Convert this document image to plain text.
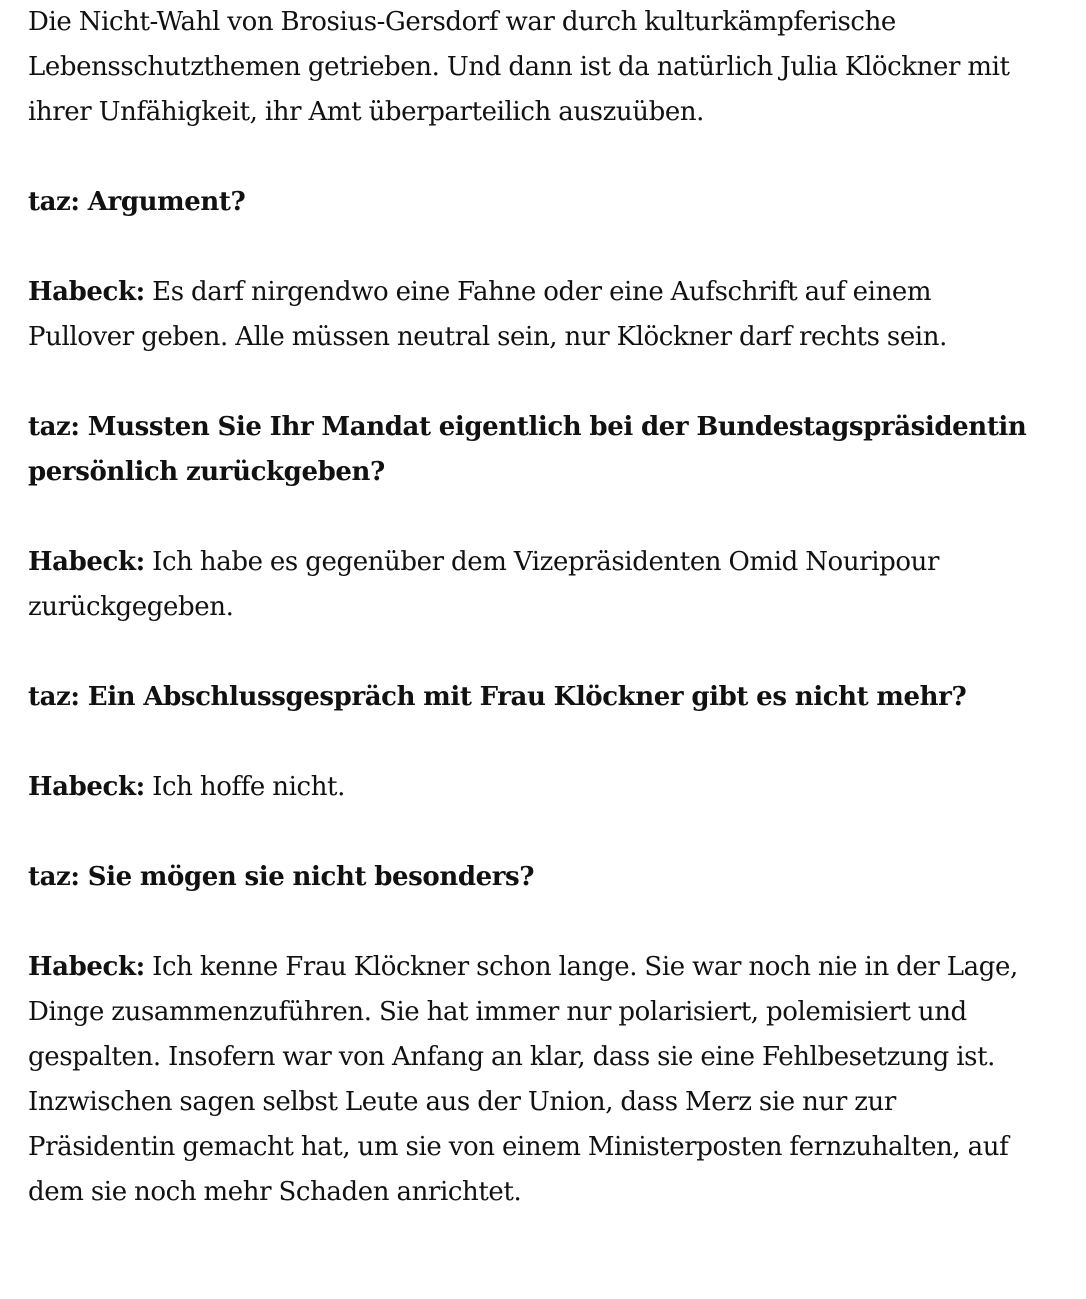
Die Nicht-Wahl von Brosius-Gersdorf war durch kulturkämpferische Lebensschutzthemen getrieben. Und dann ist da natürlich Julia Klöckner mit ihrer Unfähigkeit, ihr Amt überparteilich auszuüben.

taz: Argument?

Habeck: Es darf nirgendwo eine Fahne oder eine Aufschrift auf einem Pullover geben. Alle müssen neutral sein, nur Klöckner darf rechts sein.

taz: Mussten Sie Ihr Mandat eigentlich bei der Bundestagspräsidentin persönlich zurückgeben?

Habeck: Ich habe es gegenüber dem Vizepräsidenten Omid Nouripour zurückgegeben.

taz: Ein Abschlussgespräch mit Frau Klöckner gibt es nicht mehr?

Habeck: Ich hoffe nicht.

taz: Sie mögen sie nicht besonders?

Habeck: Ich kenne Frau Klöckner schon lange. Sie war noch nie in der Lage, Dinge zusammenzuführen. Sie hat immer nur polarisiert, polemisiert und gespalten. Insofern war von Anfang an klar, dass sie eine Fehlbesetzung ist. Inzwischen sagen selbst Leute aus der Union, dass Merz sie nur zur Präsidentin gemacht hat, um sie von einem Ministerposten fernzuhalten, auf dem sie noch mehr Schaden anrichtet.
